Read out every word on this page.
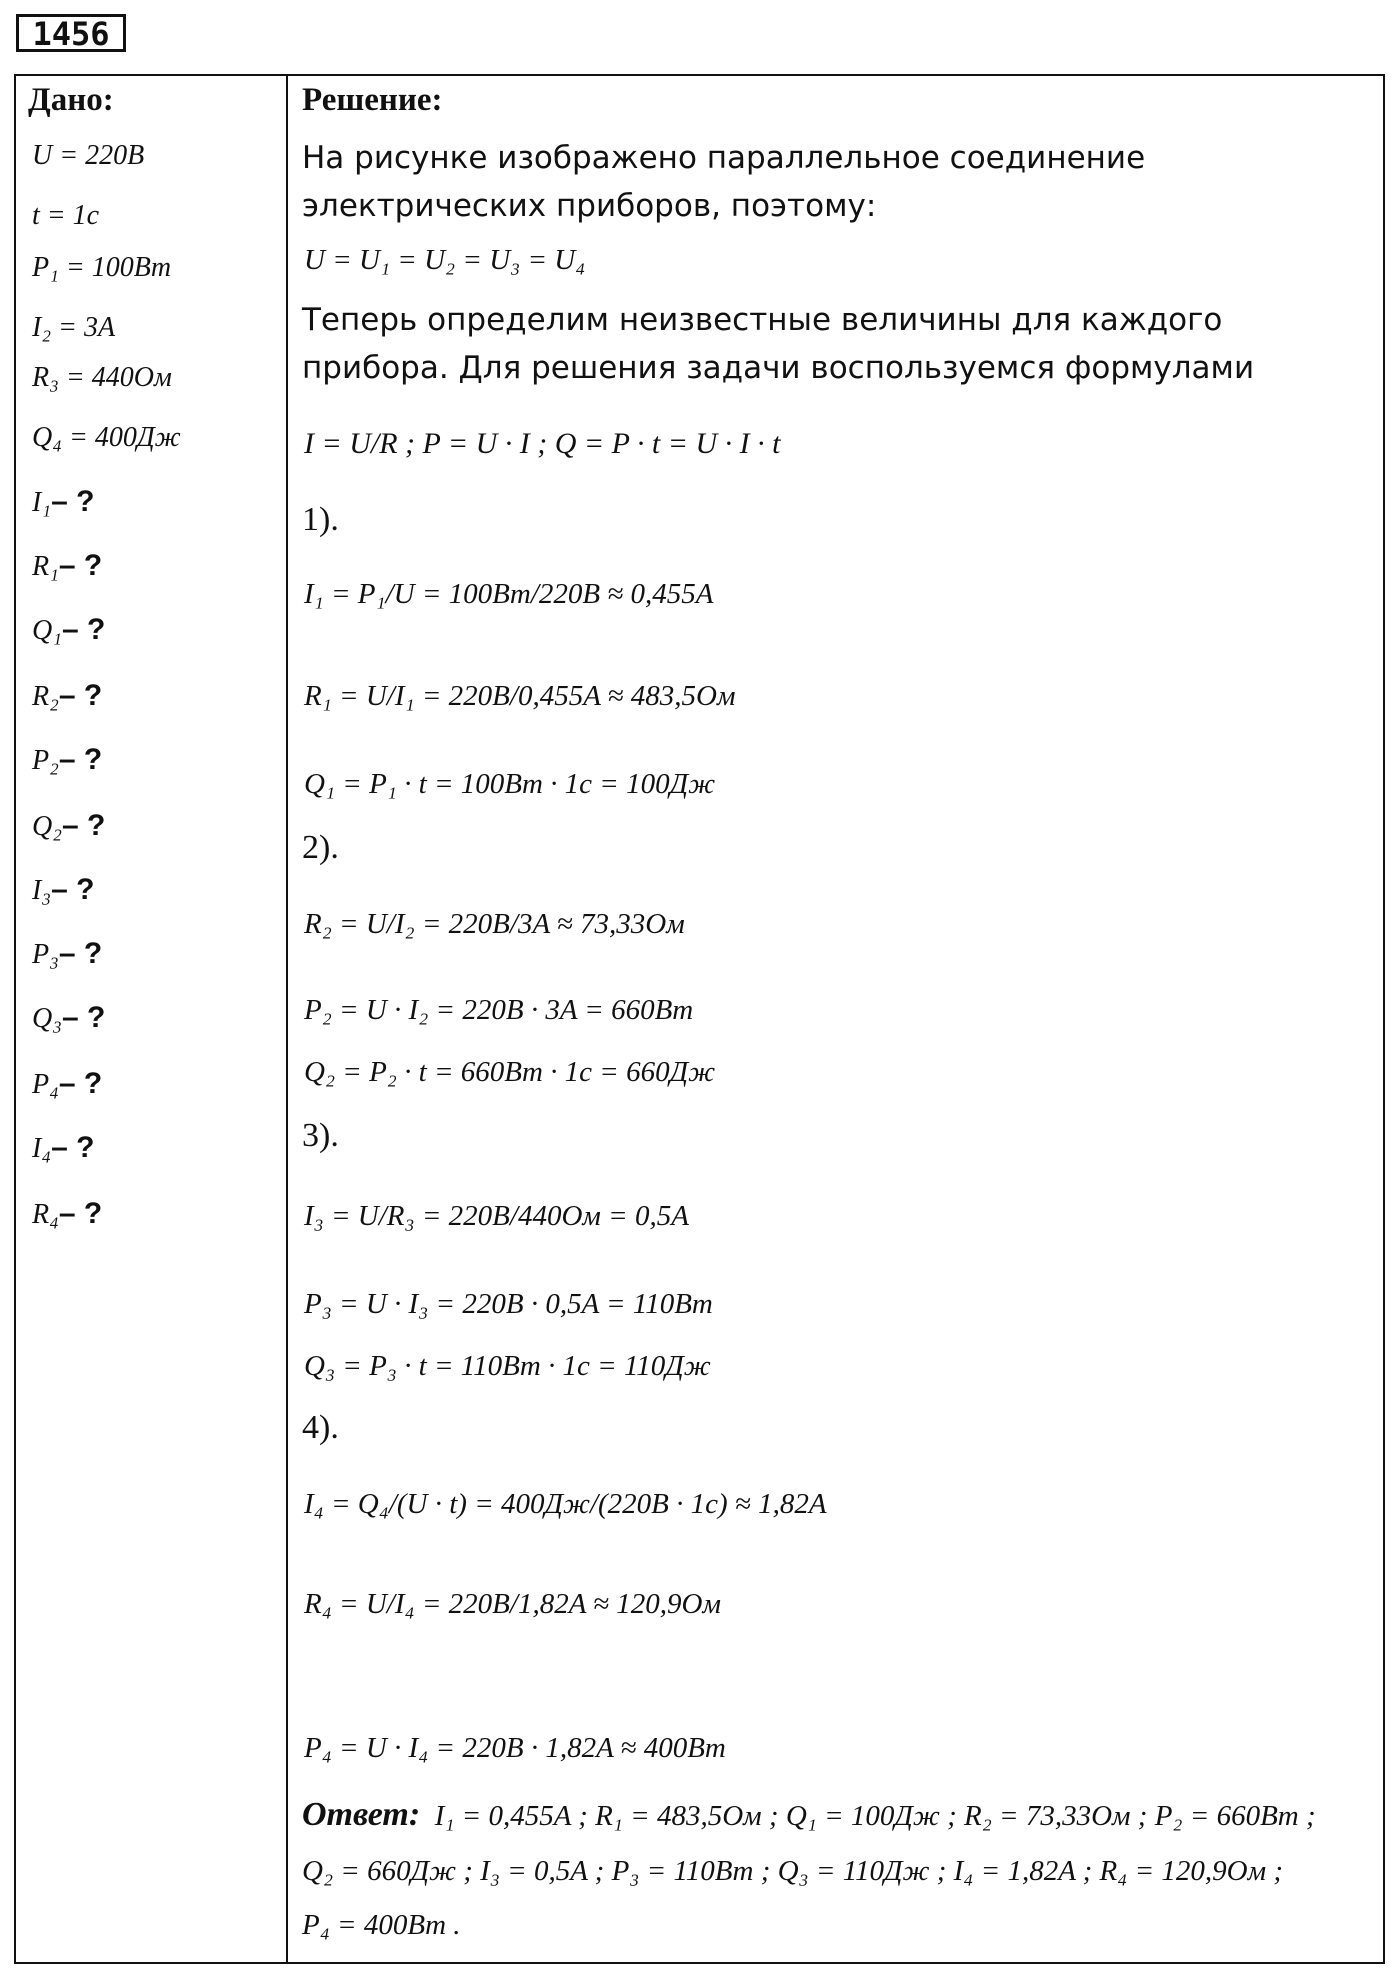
1456
Дано:	Решение:
U = 220B
t = 1c
P₁ = 100Bm
I₂ = 3A
R₃ = 440Ом
Q₄ = 400Дж
I₁– ?
R₁– ?
Q₁– ?
R₂– ?
P₂– ?
Q₂– ?
I₃– ?
P₃– ?
Q₃– ?
P₄– ?
I₄– ?
R₄– ?
На рисунке изображено параллельное соединение электрических приборов, поэтому:
U = U₁ = U₂ = U₃ = U₄
Теперь определим неизвестные величины для каждого прибора. Для решения задачи воспользуемся формулами
I = U/R ; P = U · I ; Q = P · t = U · I · t
1).
I₁ = P₁/U = 100Bm/220B ≈ 0,455A
R₁ = U/I₁ = 220B/0,455A ≈ 483,5Ом
Q₁ = P₁ · t = 100Bm · 1c = 100Дж
2).
R₂ = U/I₂ = 220B/3A ≈ 73,33Ом
P₂ = U · I₂ = 220B · 3A = 660Bm
Q₂ = P₂ · t = 660Bm · 1c = 660Дж
3).
I₃ = U/R₃ = 220B/440Ом = 0,5A
P₃ = U · I₃ = 220B · 0,5A = 110Bm
Q₃ = P₃ · t = 110Bm · 1c = 110Дж
4).
I₄ = Q₄/(U · t) = 400Дж/(220B · 1c) ≈ 1,82A
R₄ = U/I₄ = 220B/1,82A ≈ 120,9Ом
P₄ = U · I₄ = 220B · 1,82A ≈ 400Bm
Ответ: I₁ = 0,455A ; R₁ = 483,5Ом ; Q₁ = 100Дж ; R₂ = 73,33Ом ; P₂ = 660Bm ;
Q₂ = 660Дж ; I₃ = 0,5A ; P₃ = 110Bm ; Q₃ = 110Дж ; I₄ = 1,82A ; R₄ = 120,9Ом ;
P₄ = 400Bm .
